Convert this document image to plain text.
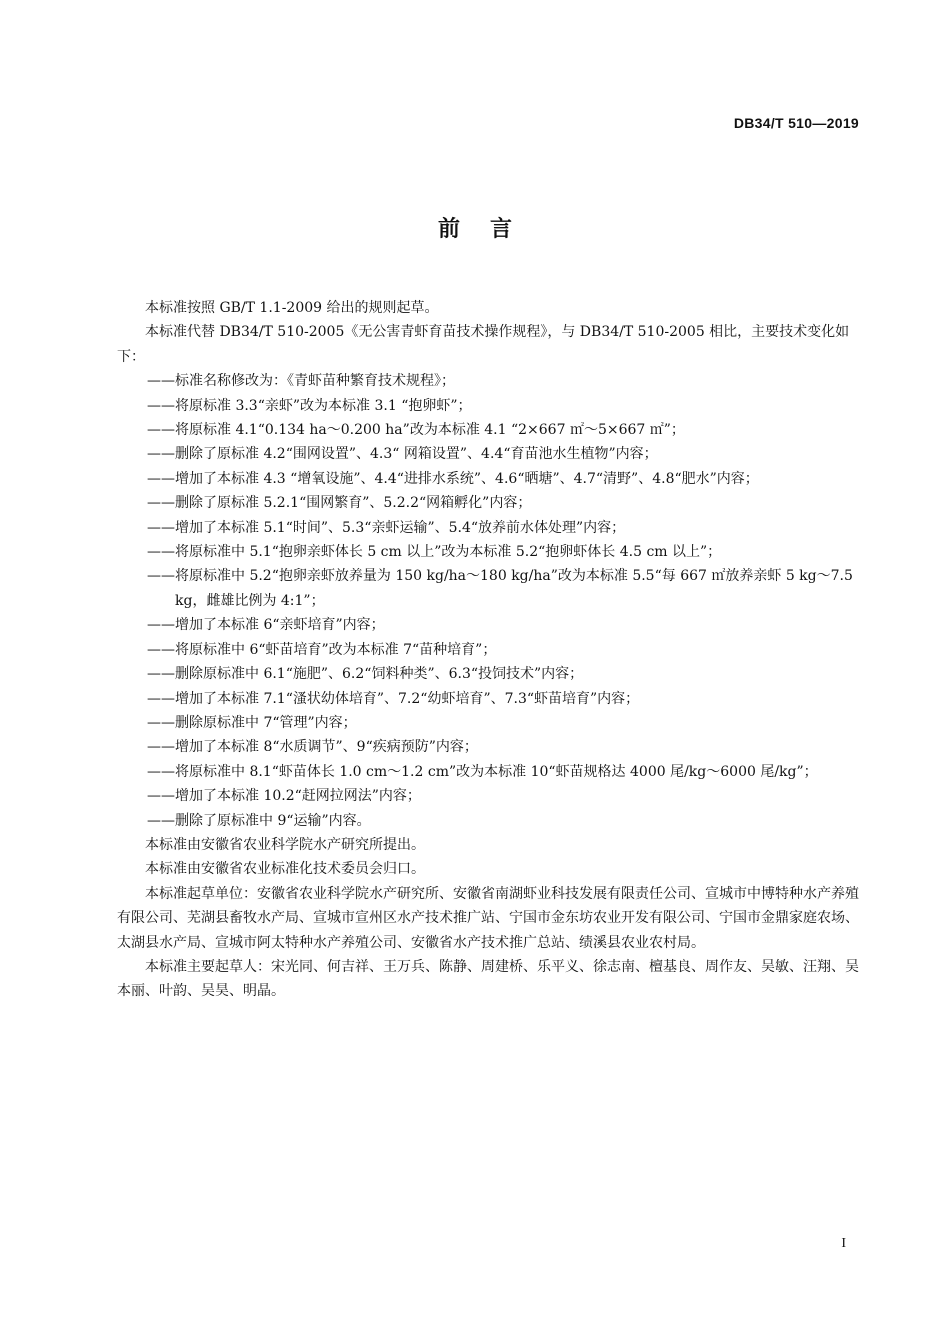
DB34/T 510—2019
前言

本标准按照 GB/T 1.1-2009 给出的规则起草。

本标准代替 DB34/T 510-2005《无公害青虾育苗技术操作规程》，与 DB34/T 510-2005 相比，主要技术变化如下：

——标准名称修改为：《青虾苗种繁育技术规程》；

——将原标准 3.3“亲虾”改为本标准 3.1 “抱卵虾”；

——将原标准 4.1“0.134 ha～0.200 ha”改为本标准 4.1 “2×667 ㎡～5×667 ㎡”；

——删除了原标准 4.2“围网设置”、4.3“ 网箱设置”、4.4“育苗池水生植物”内容；

——增加了本标准 4.3 “增氧设施”、4.4“进排水系统”、4.6“晒塘”、4.7“清野”、4.8“肥水”内容；

——删除了原标准 5.2.1“围网繁育”、5.2.2“网箱孵化”内容；

——增加了本标准 5.1“时间”、5.3“亲虾运输”、5.4“放养前水体处理”内容；

——将原标准中 5.1“抱卵亲虾体长 5 cm 以上”改为本标准 5.2“抱卵虾体长 4.5 cm 以上”；

——将原标准中 5.2“抱卵亲虾放养量为 150 kg/ha～180 kg/ha”改为本标准 5.5“每 667 ㎡放养亲虾 5 kg～7.5 kg，雌雄比例为 4:1”；

——增加了本标准 6“亲虾培育”内容；

——将原标准中 6“虾苗培育”改为本标准 7“苗种培育”；

——删除原标准中 6.1“施肥”、6.2“饲料种类”、6.3“投饲技术”内容；

——增加了本标准 7.1“溞状幼体培育”、7.2“幼虾培育”、7.3“虾苗培育”内容；

——删除原标准中 7“管理”内容；

——增加了本标准 8“水质调节”、9“疾病预防”内容；

——将原标准中 8.1“虾苗体长 1.0 cm～1.2 cm”改为本标准 10“虾苗规格达 4000 尾/kg～6000 尾/kg”；

——增加了本标准 10.2“赶网拉网法”内容；

——删除了原标准中 9“运输”内容。

本标准由安徽省农业科学院水产研究所提出。

本标准由安徽省农业标准化技术委员会归口。

本标准起草单位：安徽省农业科学院水产研究所、安徽省南湖虾业科技发展有限责任公司、宣城市中博特种水产养殖有限公司、芜湖县畜牧水产局、宣城市宣州区水产技术推广站、宁国市金东坊农业开发有限公司、宁国市金鼎家庭农场、太湖县水产局、宣城市阿太特种水产养殖公司、安徽省水产技术推广总站、绩溪县农业农村局。

本标准主要起草人：宋光同、何吉祥、王万兵、陈静、周建桥、乐平义、徐志南、檀基良、周作友、吴敏、汪翔、吴本丽、叶韵、吴昊、明晶。

I
